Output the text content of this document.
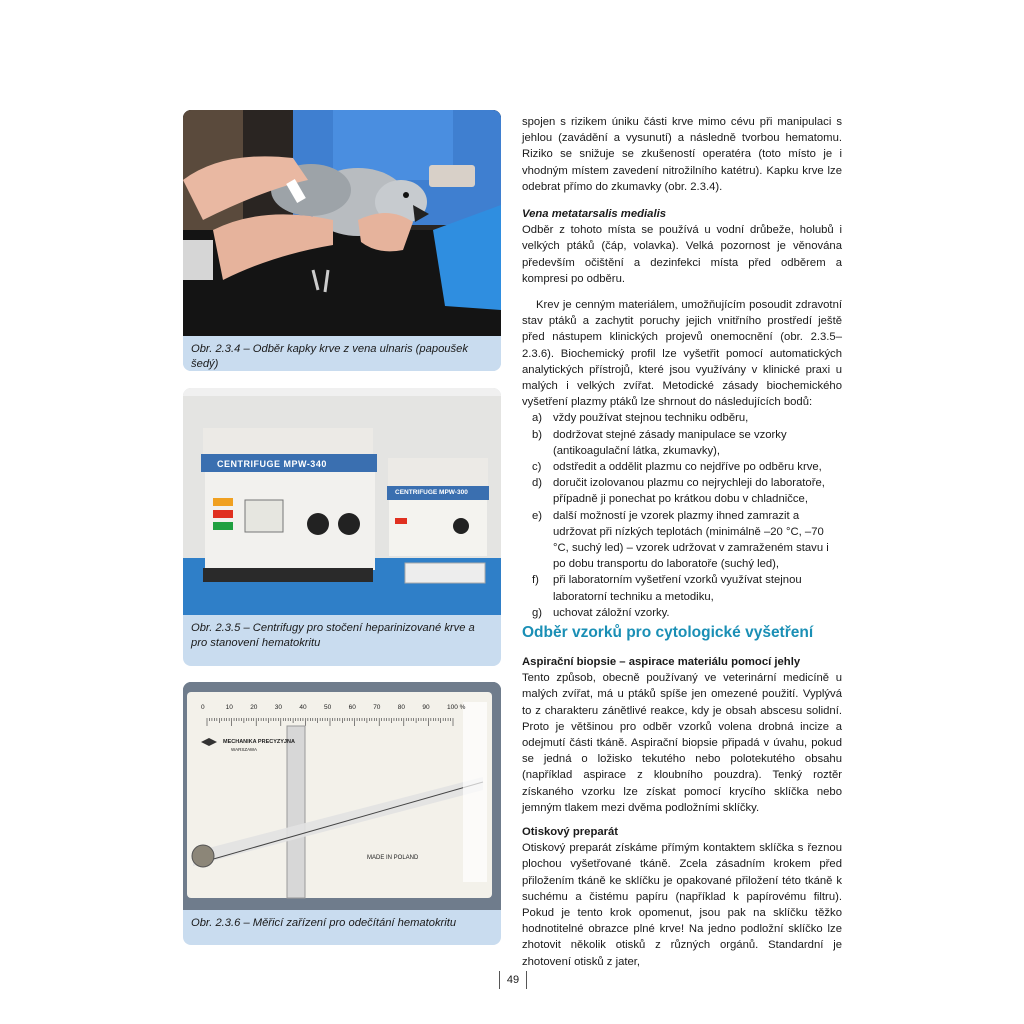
Obr. 2.3.4 – Odběr kapky krve z vena ulnaris (papoušek šedý)
CENTRIFUGE MPW-340
CENTRIFUGE MPW-300
Obr. 2.3.5 – Centrifugy pro stočení heparinizované krve a pro stanovení hematokritu
0	10	20	30	40	50	60	70	80	90	100 %
MECHANIKA PRECYZYJNA
WARSZAWA
MADE IN POLAND
Obr. 2.3.6 – Měřicí zařízení pro odečítání hematokritu

spojen s rizikem úniku části krve mimo cévu při manipulaci s jehlou (zavádění a vysunutí) a následně tvorbou hematomu. Riziko se snižuje se zkušeností operatéra (toto místo je i vhodným místem zavedení nitrožilního katétru). Kapku krve lze odebrat přímo do zkumavky (obr. 2.3.4).

Vena metatarsalis medialis

Odběr z tohoto místa se používá u vodní drůbeže, holubů i velkých ptáků (čáp, volavka). Velká pozornost je věnována především očištění a dezinfekci místa před odběrem a kompresi po odběru.

Krev je cenným materiálem, umožňujícím posoudit zdravotní stav ptáků a zachytit poruchy jejich vnitřního prostředí ještě před nástupem klinických projevů onemocnění (obr. 2.3.5–2.3.6). Biochemický profil lze vyšetřit pomocí automatických analytických přístrojů, které jsou využívány v klinické praxi u malých i velkých zvířat. Metodické zásady biochemického vyšetření plazmy ptáků lze shrnout do následujících bodů:

a) vždy používat stejnou techniku odběru,
b) dodržovat stejné zásady manipulace se vzorky (antikoagulační látka, zkumavky),
c) odstředit a oddělit plazmu co nejdříve po odběru krve,
d) doručit izolovanou plazmu co nejrychleji do laboratoře, případně ji ponechat po krátkou dobu v chladničce,
e) další možností je vzorek plazmy ihned zamrazit a udržovat při nízkých teplotách (minimálně –20 °C, –70 °C, suchý led) – vzorek udržovat v zamraženém stavu i po dobu transportu do laboratoře (suchý led),
f) při laboratorním vyšetření vzorků využívat stejnou laboratorní techniku a metodiku,
g) uchovat záložní vzorky.
Odběr vzorků pro cytologické vyšetření

Aspirační biopsie – aspirace materiálu pomocí jehly

Tento způsob, obecně používaný ve veterinární medicíně u malých zvířat, má u ptáků spíše jen omezené použití. Vyplývá to z charakteru zánětlivé reakce, kdy je obsah abscesu solidní. Proto je většinou pro odběr vzorků volena drobná incize a odejmutí části tkáně. Aspirační biopsie připadá v úvahu, pokud se jedná o ložisko tekutého nebo polotekutého obsahu (například aspirace z kloubního pouzdra). Tenký roztěr získaného vzorku lze získat pomocí krycího sklíčka nebo jemným tlakem mezi dvěma podložními sklíčky.

Otiskový preparát

Otiskový preparát získáme přímým kontaktem sklíčka s řeznou plochou vyšetřované tkáně. Zcela zásadním krokem před přiložením tkáně ke sklíčku je opakované přiložení této tkáně k suchému a čistému papíru (například k papírovému filtru). Pokud je tento krok opomenut, jsou pak na sklíčku těžko hodnotitelné obrazce plné krve! Na jedno podložní sklíčko lze zhotovit několik otisků z různých orgánů. Standardní je zhotovení otisků z jater,

49
